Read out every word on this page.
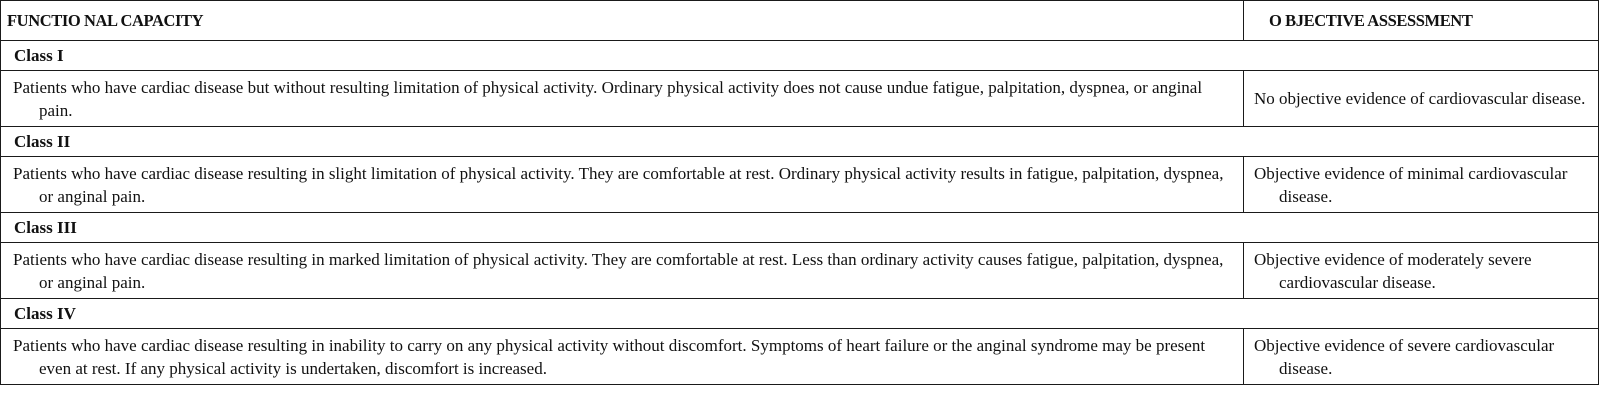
FUNCTIO NAL CAPACITY	O BJECTIVE ASSESSMENT
Class I	

Patients who have cardiac disease but without resulting limitation of physical activity. Ordinary physical activity does not cause undue fatigue, palpitation, dyspnea, or anginal pain.	No objective evidence of cardiovascular disease.

Class II	

Patients who have cardiac disease resulting in slight limitation of physical activity. They are comfortable at rest. Ordinary physical activity results in fatigue, palpitation, dyspnea, or anginal pain.	Objective evidence of minimal cardiovascular disease.

Class III	

Patients who have cardiac disease resulting in marked limitation of physical activity. They are comfortable at rest. Less than ordinary activity causes fatigue, palpitation, dyspnea, or anginal pain.	Objective evidence of moderately severe cardiovascular disease.

Class IV	

Patients who have cardiac disease resulting in inability to carry on any physical activity without discomfort. Symptoms of heart failure or the anginal syndrome may be present even at rest. If any physical activity is undertaken, discomfort is increased.	Objective evidence of severe cardiovascular disease.
